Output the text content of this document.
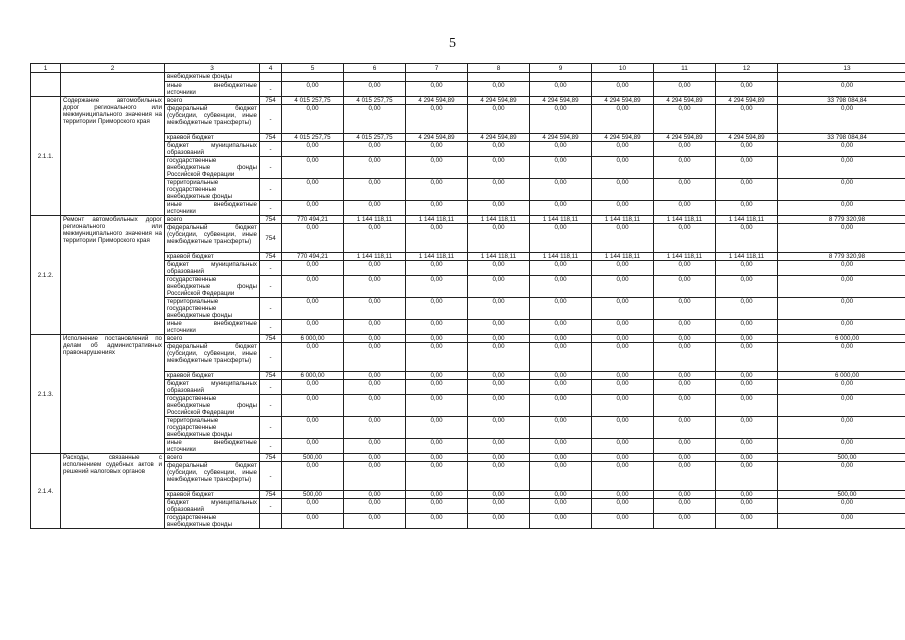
5
1	2	3	4	5	6	7	8	9	10	11	12	13
		внебюджетные фонды										
		иные внебюджетные источники	-	0,00	0,00	0,00	0,00	0,00	0,00	0,00	0,00	0,00
2.1.1.	Содержание автомобильных дорог регионального или межмуниципального значения на территории Приморского края	всего	754	4 015 257,75	4 015 257,75	4 294 594,89	4 294 594,89	4 294 594,89	4 294 594,89	4 294 594,89	4 294 594,89	33 798 084,84
		федеральный бюджет (субсидии, субвенции, иные межбюджетные трансферты)	-	0,00	0,00	0,00	0,00	0,00	0,00	0,00	0,00	0,00
		краевой бюджет	754	4 015 257,75	4 015 257,75	4 294 594,89	4 294 594,89	4 294 594,89	4 294 594,89	4 294 594,89	4 294 594,89	33 798 084,84
		бюджет муниципальных образований	-	0,00	0,00	0,00	0,00	0,00	0,00	0,00	0,00	0,00
		государственные внебюджетные фонды Российской Федерации	-	0,00	0,00	0,00	0,00	0,00	0,00	0,00	0,00	0,00
		территориальные государственные внебюджетные фонды	-	0,00	0,00	0,00	0,00	0,00	0,00	0,00	0,00	0,00
		иные внебюджетные источники	-	0,00	0,00	0,00	0,00	0,00	0,00	0,00	0,00	0,00
2.1.2.	Ремонт автомобильных дорог регионального или межмуниципального значения на территории Приморского края	всего	754	770 494,21	1 144 118,11	1 144 118,11	1 144 118,11	1 144 118,11	1 144 118,11	1 144 118,11	1 144 118,11	8 779 320,98
		федеральный бюджет (субсидии, субвенции, иные межбюджетные трансферты)	754	0,00	0,00	0,00	0,00	0,00	0,00	0,00	0,00	0,00
		краевой бюджет	754	770 494,21	1 144 118,11	1 144 118,11	1 144 118,11	1 144 118,11	1 144 118,11	1 144 118,11	1 144 118,11	8 779 320,98
		бюджет муниципальных образований	-	0,00	0,00	0,00	0,00	0,00	0,00	0,00	0,00	0,00
		государственные внебюджетные фонды Российской Федерации	-	0,00	0,00	0,00	0,00	0,00	0,00	0,00	0,00	0,00
		территориальные государственные внебюджетные фонды	-	0,00	0,00	0,00	0,00	0,00	0,00	0,00	0,00	0,00
		иные внебюджетные источники	-	0,00	0,00	0,00	0,00	0,00	0,00	0,00	0,00	0,00
2.1.3.	Исполнение постановлений по делам об административных правонарушениях	всего	754	6 000,00	0,00	0,00	0,00	0,00	0,00	0,00	0,00	6 000,00
		федеральный бюджет (субсидии, субвенции, иные межбюджетные трансферты)	-	0,00	0,00	0,00	0,00	0,00	0,00	0,00	0,00	0,00
		краевой бюджет	754	6 000,00	0,00	0,00	0,00	0,00	0,00	0,00	0,00	6 000,00
		бюджет муниципальных образований	-	0,00	0,00	0,00	0,00	0,00	0,00	0,00	0,00	0,00
		государственные внебюджетные фонды Российской Федерации	-	0,00	0,00	0,00	0,00	0,00	0,00	0,00	0,00	0,00
		территориальные государственные внебюджетные фонды	-	0,00	0,00	0,00	0,00	0,00	0,00	0,00	0,00	0,00
		иные внебюджетные источники	-	0,00	0,00	0,00	0,00	0,00	0,00	0,00	0,00	0,00
2.1.4.	Расходы, связанные с исполнением судебных актов и решений налоговых органов	всего	754	500,00	0,00	0,00	0,00	0,00	0,00	0,00	0,00	500,00
		федеральный бюджет (субсидии, субвенции, иные межбюджетные трансферты)	-	0,00	0,00	0,00	0,00	0,00	0,00	0,00	0,00	0,00
		краевой бюджет	754	500,00	0,00	0,00	0,00	0,00	0,00	0,00	0,00	500,00
		бюджет муниципальных образований	-	0,00	0,00	0,00	0,00	0,00	0,00	0,00	0,00	0,00
		государственные внебюджетные фонды		0,00	0,00	0,00	0,00	0,00	0,00	0,00	0,00	0,00
